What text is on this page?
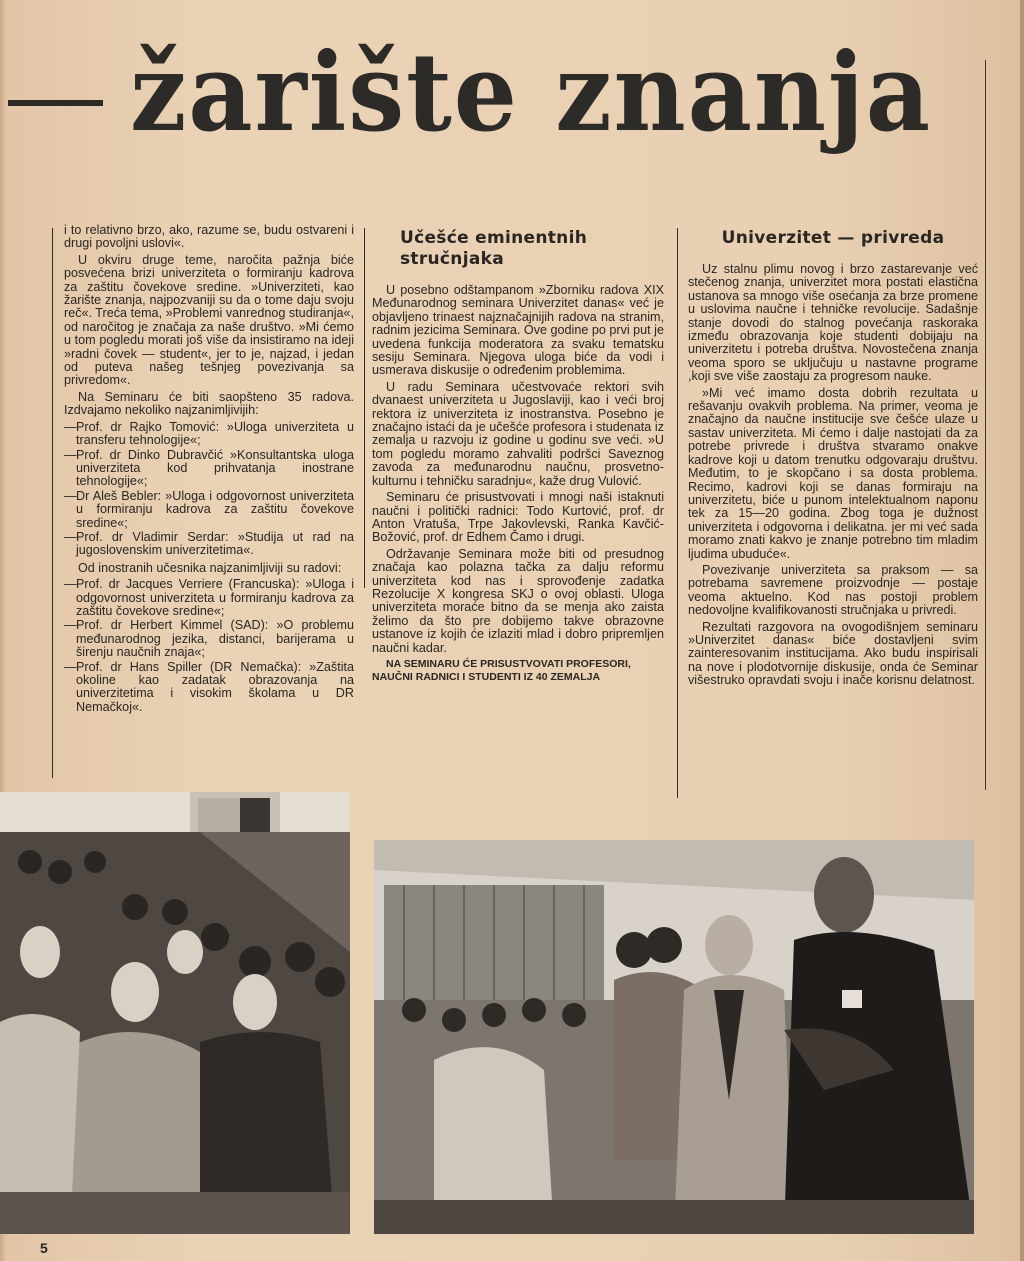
žarište znanja

i to relativno brzo, ako, razume se, budu ostvareni i drugi povoljni uslovi«.

U okviru druge teme, naročita pažnja biće posvećena brizi univerziteta o formiranju kadrova za zaštitu čovekove sredine. »Univerziteti, kao žarište znanja, najpozvaniji su da o tome daju svoju reč«. Treća tema, »Problemi vanrednog studiranja«, od naročitog je značaja za naše društvo. »Mi ćemo u tom pogledu morati još više da insistiramo na ideji »radni čovek — student«, jer to je, najzad, i jedan od puteva našeg tešnjeg povezivanja sa privredom«.

Na Seminaru će biti saopšteno 35 radova. Izdvajamo nekoliko najzanimljivijih:

— Prof. dr Rajko Tomović: »Uloga univerziteta u transferu tehnologije«;
— Prof. dr Dinko Dubravčić »Konsultantska uloga univerziteta kod prihvatanja inostrane tehnologije«;
— Dr Aleš Bebler: »Uloga i odgovornost univerziteta u formiranju kadrova za zaštitu čovekove sredine«;
— Prof. dr Vladimir Serdar: »Studija ut rad na jugoslovenskim univerzitetima«.

Od inostranih učesnika najzanimljiviji su radovi:

— Prof. dr Jacques Verriere (Francuska): »Uloga i odgovornost univerziteta u formiranju kadrova za zaštitu čovekove sredine«;
— Prof. dr Herbert Kimmel (SAD): »O problemu međunarodnog jezika, distanci, barijerama u širenju naučnih znaja«;
— Prof. dr Hans Spiller (DR Nemačka): »Zaštita okoline kao zadatak obrazovanja na univerzitetima i visokim školama u DR Nemačkoj«.
Učešće eminentnih stručnjaka

U posebno odštampanom »Zborniku radova XIX Međunarodnog seminara Univerzitet danas« već je objavljeno trinaest najznačajnijih radova na stranim, radnim jezicima Seminara. Ove godine po prvi put je uvedena funkcija moderatora za svaku tematsku sesiju Seminara. Njegova uloga biće da vodi i usmerava diskusije o određenim problemima.

U radu Seminara učestvovaće rektori svih dvanaest univerziteta u Jugoslaviji, kao i veći broj rektora iz univerziteta iz inostranstva. Posebno je značajno istaći da je učešće profesora i studenata iz zemalja u razvoju iz godine u godinu sve veći. »U tom pogledu moramo zahvaliti podršci Saveznog zavoda za međunarodnu naučnu, prosvetno-kulturnu i tehničku saradnju«, kaže drug Vulović.

Seminaru će prisustvovati i mnogi naši istaknuti naučni i politički radnici: Todo Kurtović, prof. dr Anton Vratuša, Trpe Jakovlevski, Ranka Kavčić-Božović, prof. dr Edhem Čamo i drugi.

Održavanje Seminara može biti od presudnog značaja kao polazna tačka za dalju reformu univerziteta kod nas i sprovođenje zadatka Rezolucije X kongresa SKJ o ovoj oblasti. Uloga univerziteta moraće bitno da se menja ako zaista želimo da što pre dobijemo takve obrazovne ustanove iz kojih će izlaziti mlad i dobro pripremljen naučni kadar.

NA SEMINARU ĆE PRISUSTVOVATI PROFESORI, NAUČNI RADNICI I STUDENTI IZ 40 ZEMALJA

Univerzitet — privreda

Uz stalnu plimu novog i brzo zastarevanje već stečenog znanja, univerzitet mora postati elastična ustanova sa mnogo više osećanja za brze promene u uslovima naučne i tehničke revolucije. Sadašnje stanje dovodi do stalnog povećanja raskoraka između obrazovanja koje studenti dobijaju na univerzitetu i potreba društva. Novostečena znanja veoma sporo se uključuju u nastavne programe ,koji sve više zaostaju za progresom nauke.

»Mi već imamo dosta dobrih rezultata u rešavanju ovakvih problema. Na primer, veoma je značajno da naučne institucije sve češće ulaze u sastav univerziteta. Mi ćemo i dalje nastojati da za potrebe privrede i društva stvaramo onakve kadrove koji u datom trenutku odgovaraju društvu. Međutim, to je skopčano i sa dosta problema. Recimo, kadrovi koji se danas formiraju na univerzitetu, biće u punom intelektualnom naponu tek za 15—20 godina. Zbog toga je dužnost univerziteta i odgovorna i delikatna. jer mi već sada moramo znati kakvo je znanje potrebno tim mladim ljudima ubuduće«.

Povezivanje univerziteta sa praksom — sa potrebama savremene proizvodnje — postaje veoma aktuelno. Kod nas postoji problem nedovoljne kvalifikovanosti stručnjaka u privredi.

Rezultati razgovora na ovogodišnjem seminaru »Univerzitet danas« biće dostavljeni svim zainteresovanim institucijama. Ako budu inspirisali na nove i plodotvornije diskusije, onda će Seminar višestruko opravdati svoju i inače korisnu delatnost.

5
